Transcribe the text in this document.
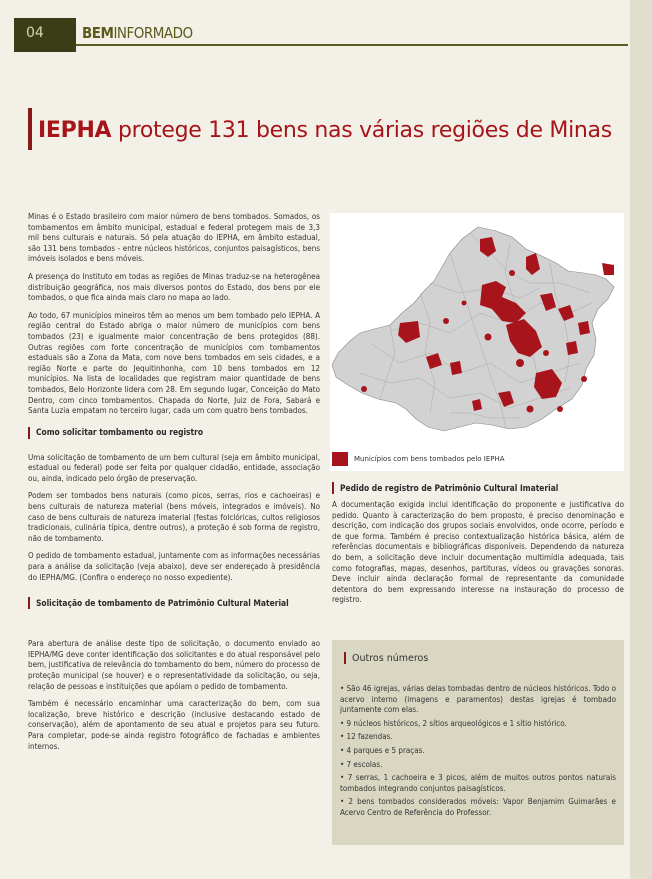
04	BEMINFORMADO
IEPHA protege 131 bens nas várias regiões de Minas

Minas é o Estado brasileiro com maior número de bens tombados. Somados, os tombamentos em âmbito municipal, estadual e federal protegem mais de 3,3 mil bens culturais e naturais. Só pela atuação do IEPHA, em âmbito estadual, são 131 bens tombados - entre núcleos históricos, conjuntos paisagísticos, bens imóveis isolados e bens móveis.

A presença do Instituto em todas as regiões de Minas traduz-se na heterogênea distribuição geográfica, nos mais diversos pontos do Estado, dos bens por ele tombados, o que fica ainda mais claro no mapa ao lado.

Ao todo, 67 municípios mineiros têm ao menos um bem tombado pelo IEPHA. A região central do Estado abriga o maior número de municípios com bens tombados (23) e igualmente maior concentração de bens protegidos (88). Outras regiões com forte concentração de municípios com tombamentos estaduais são a Zona da Mata, com nove bens tombados em seis cidades, e a região Norte e parte do Jequitinhonha, com 10 bens tombados em 12 municípios. Na lista de localidades que registram maior quantidade de bens tombados, Belo Horizonte lidera com 28. Em segundo lugar, Conceição do Mato Dentro, com cinco tombamentos. Chapada do Norte, Juiz de Fora, Sabará e Santa Luzia empatam no terceiro lugar, cada um com quatro bens tombados.

Como solicitar tombamento ou registro

Uma solicitação de tombamento de um bem cultural (seja em âmbito municipal, estadual ou federal) pode ser feita por qualquer cidadão, entidade, associação ou, ainda, indicado pelo órgão de preservação.

Podem ser tombados bens naturais (como picos, serras, rios e cachoeiras) e bens culturais de natureza material (bens móveis, integrados e imóveis). No caso de bens culturais de natureza imaterial (festas folclóricas, cultos religiosos tradicionais, culinária típica, dentre outros), a proteção é sob forma de registro, não de tombamento.

O pedido de tombamento estadual, juntamente com as informações necessárias para a análise da solicitação (veja abaixo), deve ser endereçado à presidência do IEPHA/MG. (Confira o endereço no nosso expediente).

Solicitação de tombamento de Patrimônio Cultural Material

Para abertura de análise deste tipo de solicitação, o documento enviado ao IEPHA/MG deve conter identificação dos solicitantes e do atual responsável pelo bem, justificativa de relevância do tombamento do bem, número do processo de proteção municipal (se houver) e o representatividade da solicitação, ou seja, relação de pessoas e instituições que apóiam o pedido de tombamento.

Também é necessário encaminhar uma caracterização do bem, com sua localização, breve histórico e descrição (inclusive destacando estado de conservação), além de apontamento de seu atual e projetos para seu futuro. Para completar, pode-se ainda registro fotográfico de fachadas e ambientes internos.

Municípios com bens tombados pelo IEPHA
Pedido de registro de Patrimônio Cultural Imaterial

A documentação exigida inclui identificação do proponente e justificativa do pedido. Quanto à caracterização do bem proposto, é preciso denominação e descrição, com indicação dos grupos sociais envolvidos, onde ocorre, período e de que forma. Também é preciso contextualização histórica básica, além de referências documentais e bibliográficas disponíveis. Dependendo da natureza do bem, a solicitação deve incluir documentação multimídia adequada, tais como fotografias, mapas, desenhos, partituras, vídeos ou gravações sonoras. Deve incluir ainda declaração formal de representante da comunidade detentora do bem expressando interesse na instauração do processo de registro.

Outros números
• São 46 igrejas, várias delas tombadas dentro de núcleos históricos. Todo o acervo interno (imagens e paramentos) destas igrejas é tombado juntamente com elas.
• 9 núcleos históricos, 2 sítios arqueológicos e 1 sítio histórico.
• 12 fazendas.
• 4 parques e 5 praças.
• 7 escolas.
• 7 serras, 1 cachoeira e 3 picos, além de muitos outros pontos naturais tombados integrando conjuntos paisagísticos.
• 2 bens tombados considerados móveis: Vapor Benjamim Guimarães e Acervo Centro de Referência do Professor.
